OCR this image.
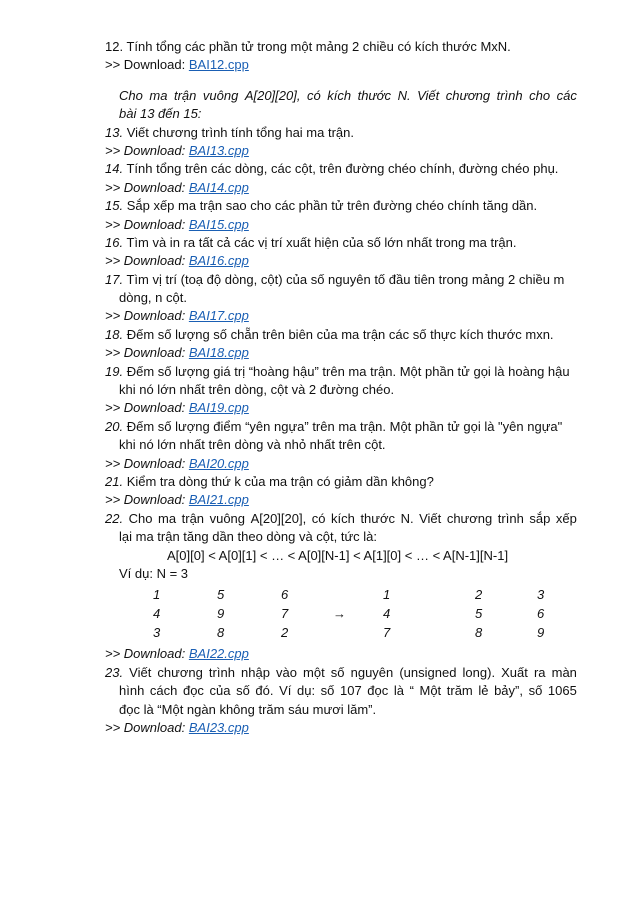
12. Tính tổng các phần tử trong một mảng 2 chiều có kích thước MxN.
>> Download: BAI12.cpp
Cho ma trận vuông A[20][20], có kích thước N. Viết chương trình cho các
bài 13 đến 15:
13. Viết chương trình tính tổng hai ma trận.
>> Download: BAI13.cpp
14. Tính tổng trên các dòng, các cột, trên đường chéo chính, đường chéo phụ.
>> Download: BAI14.cpp
15. Sắp xếp ma trận sao cho các phần tử trên đường chéo chính tăng dần.
>> Download: BAI15.cpp
16. Tìm và in ra tất cả các vị trí xuất hiện của số lớn nhất trong ma trận.
>> Download: BAI16.cpp
17. Tìm vị trí (toạ độ dòng, cột) của số nguyên tố đầu tiên trong mảng 2 chiều m
dòng, n cột.
>> Download: BAI17.cpp
18. Đếm số lượng số chẵn trên biên của ma trận các số thực kích thước mxn.
>> Download: BAI18.cpp
19. Đếm số lượng giá trị “hoàng hậu” trên ma trận. Một phần tử gọi là hoàng hậu
khi nó lớn nhất trên dòng, cột và 2 đường chéo.
>> Download: BAI19.cpp
20. Đếm số lượng điểm “yên ngựa” trên ma trận. Một phần tử gọi là "yên ngựa"
khi nó lớn nhất trên dòng và nhỏ nhất trên cột.
>> Download: BAI20.cpp
21. Kiểm tra dòng thứ k của ma trận có giảm dần không?
>> Download: BAI21.cpp
22. Cho ma trận vuông A[20][20], có kích thước N. Viết chương trình sắp xếp
lại ma trận tăng dần theo dòng và cột, tức là:
A[0][0] < A[0][1] < … < A[0][N-1] < A[1][0] < … < A[N-1][N-1]
Ví dụ: N = 3
1	5	6
4	9	7
3	8	2
1	2	3
4	5	6
7	8	9
→
>> Download: BAI22.cpp
23. Viết chương trình nhập vào một số nguyên (unsigned long). Xuất ra màn
hình cách đọc của số đó. Ví dụ: số 107 đọc là “ Một trăm lẻ bảy”, số 1065
đọc là “Một ngàn không trăm sáu mươi lăm”.
>> Download: BAI23.cpp
